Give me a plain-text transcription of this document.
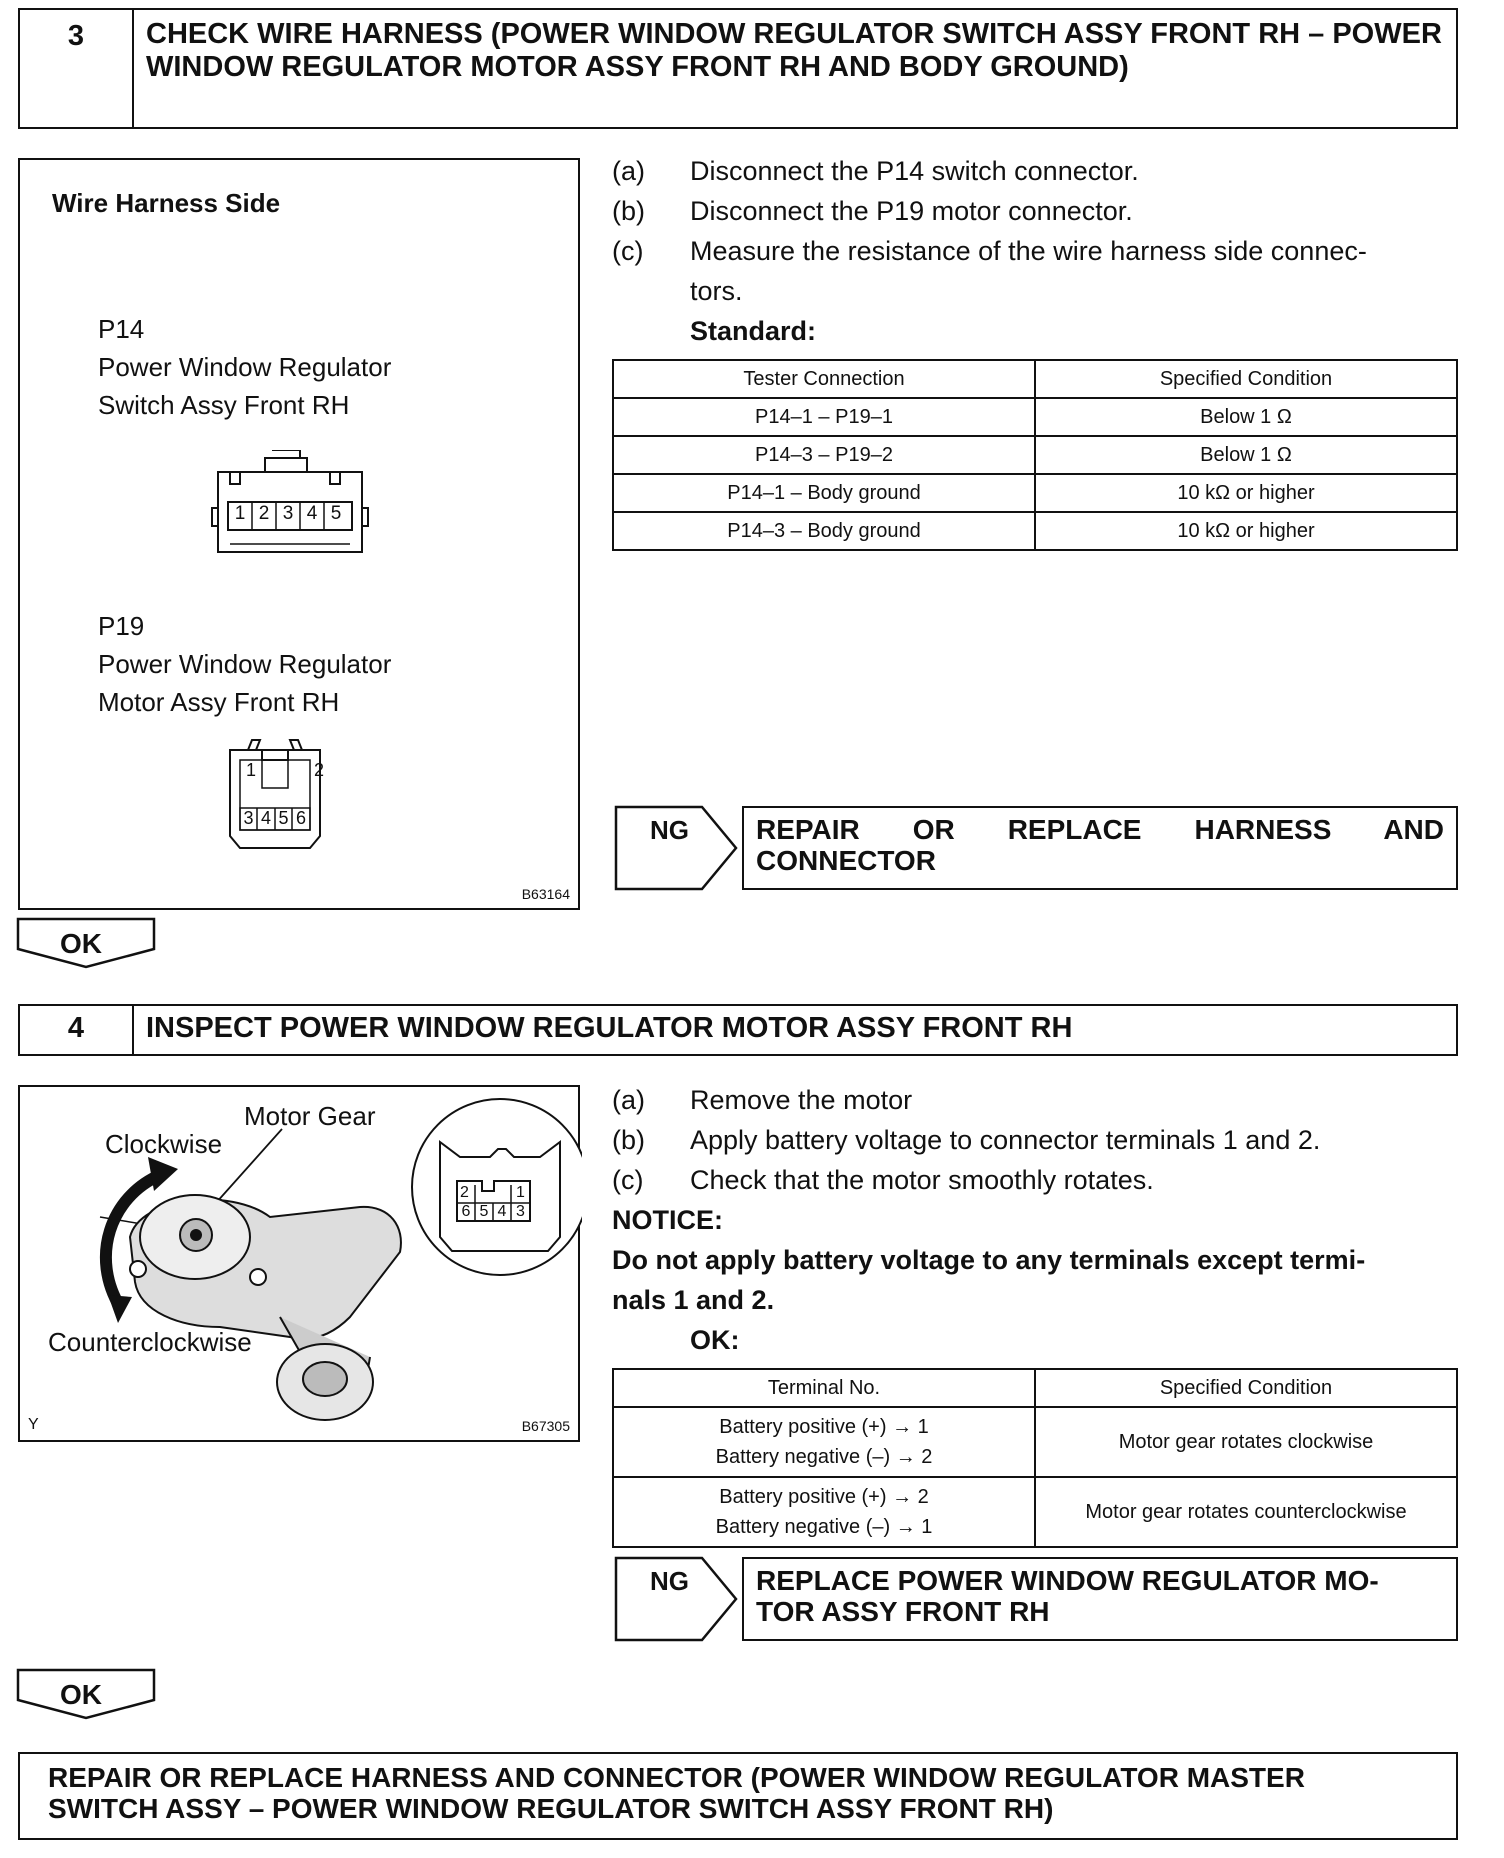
3	CHECK WIRE HARNESS (POWER WINDOW REGULATOR SWITCH ASSY FRONT RH – POWER WINDOW REGULATOR MOTOR ASSY FRONT RH AND BODY GROUND)
Wire Harness Side
P14
Power Window Regulator
Switch Assy Front RH
1 2 3 4 5
P19
Power Window Regulator
Motor Assy Front RH
1	2
3 4 5 6
B63164
(a)	Disconnect the P14 switch connector.
(b)	Disconnect the P19 motor connector.
(c)	Measure the resistance of the wire harness side connec-
tors.
Standard:
Tester Connection	Specified Condition
P14–1 – P19–1	Below 1 Ω
P14–3 – P19–2	Below 1 Ω
P14–1 – Body ground	10 kΩ or higher
P14–3 – Body ground	10 kΩ or higher
NG REPAIR OR REPLACE HARNESS AND
CONNECTOR
OK
4	INSPECT POWER WINDOW REGULATOR MOTOR ASSY FRONT RH
Motor Gear
Clockwise
Counterclockwise
2	1
6 5 4 3
Y	B67305
(a)	Remove the motor
(b)	Apply battery voltage to connector terminals 1 and 2.
(c)	Check that the motor smoothly rotates.
NOTICE:
Do not apply battery voltage to any terminals except termi-
nals 1 and 2.
OK:
Terminal No.	Specified Condition

Battery positive (+) → 1
Battery negative (–) → 2	Motor gear rotates clockwise

Battery positive (+) → 2
Battery negative (–) → 1	Motor gear rotates counterclockwise
NG REPLACE POWER WINDOW REGULATOR MO-
TOR ASSY FRONT RH
OK
REPAIR OR REPLACE HARNESS AND CONNECTOR (POWER WINDOW REGULATOR MASTER
SWITCH ASSY – POWER WINDOW REGULATOR SWITCH ASSY FRONT RH)
